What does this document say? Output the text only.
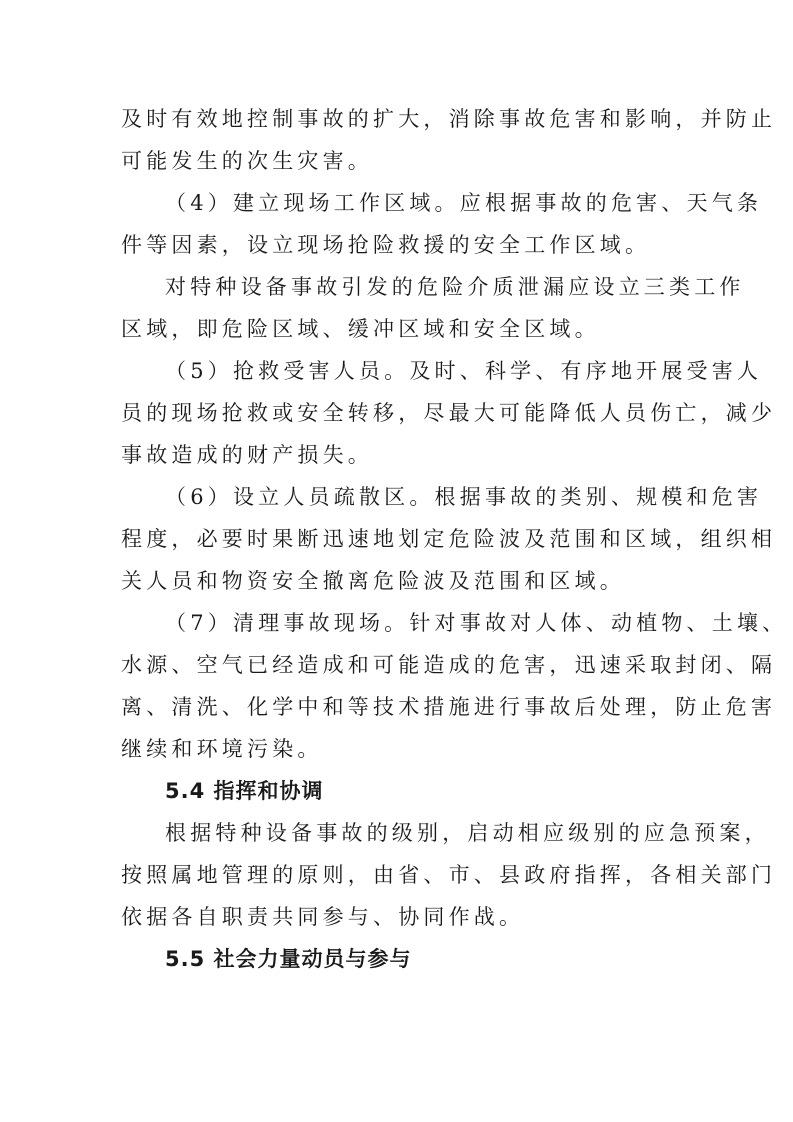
及时有效地控制事故的扩大，消除事故危害和影响，并防止
可能发生的次生灾害。
（4）建立现场工作区域。应根据事故的危害、天气条
件等因素，设立现场抢险救援的安全工作区域。
对特种设备事故引发的危险介质泄漏应设立三类工作
区域，即危险区域、缓冲区域和安全区域。
（5）抢救受害人员。及时、科学、有序地开展受害人
员的现场抢救或安全转移，尽最大可能降低人员伤亡，减少
事故造成的财产损失。
（6）设立人员疏散区。根据事故的类别、规模和危害
程度，必要时果断迅速地划定危险波及范围和区域，组织相
关人员和物资安全撤离危险波及范围和区域。
（7）清理事故现场。针对事故对人体、动植物、土壤、
水源、空气已经造成和可能造成的危害，迅速采取封闭、隔
离、清洗、化学中和等技术措施进行事故后处理，防止危害
继续和环境污染。
5.4 指挥和协调
根据特种设备事故的级别，启动相应级别的应急预案，
按照属地管理的原则，由省、市、县政府指挥，各相关部门
依据各自职责共同参与、协同作战。
5.5 社会力量动员与参与
